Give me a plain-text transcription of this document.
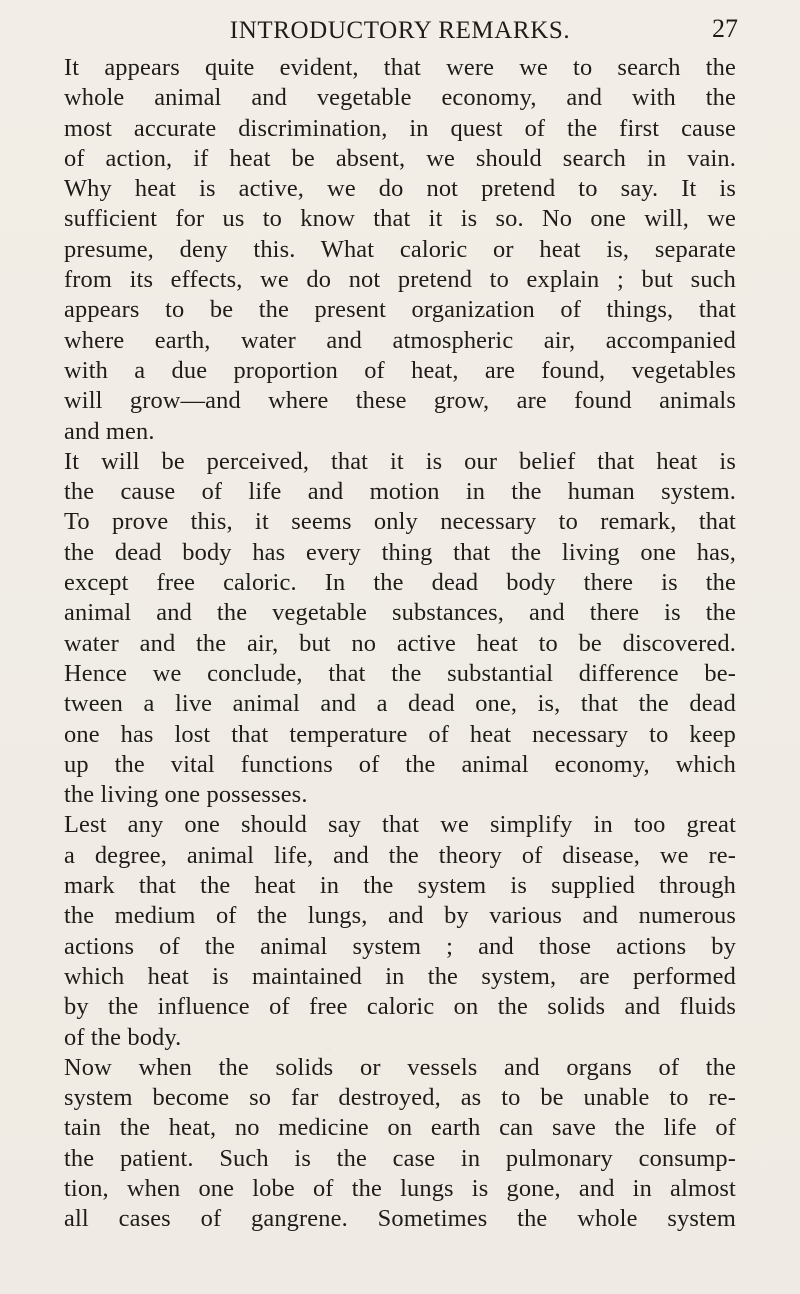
INTRODUCTORY REMARKS.	27
It appears quite evident, that were we to search the
whole animal and vegetable economy, and with the
most accurate discrimination, in quest of the first cause
of action, if heat be absent, we should search in vain.
Why heat is active, we do not pretend to say. It is
sufficient for us to know that it is so. No one will, we
presume, deny this. What caloric or heat is, separate
from its effects, we do not pretend to explain ; but such
appears to be the present organization of things, that
where earth, water and atmospheric air, accompanied
with a due proportion of heat, are found, vegetables
will grow—and where these grow, are found animals
and men.
It will be perceived, that it is our belief that heat is
the cause of life and motion in the human system.
To prove this, it seems only necessary to remark, that
the dead body has every thing that the living one has,
except free caloric. In the dead body there is the
animal and the vegetable substances, and there is the
water and the air, but no active heat to be discovered.
Hence we conclude, that the substantial difference be-
tween a live animal and a dead one, is, that the dead
one has lost that temperature of heat necessary to keep
up the vital functions of the animal economy, which
the living one possesses.
Lest any one should say that we simplify in too great
a degree, animal life, and the theory of disease, we re-
mark that the heat in the system is supplied through
the medium of the lungs, and by various and numerous
actions of the animal system ; and those actions by
which heat is maintained in the system, are performed
by the influence of free caloric on the solids and fluids
of the body.
Now when the solids or vessels and organs of the
system become so far destroyed, as to be unable to re-
tain the heat, no medicine on earth can save the life of
the patient. Such is the case in pulmonary consump-
tion, when one lobe of the lungs is gone, and in almost
all cases of gangrene. Sometimes the whole system
